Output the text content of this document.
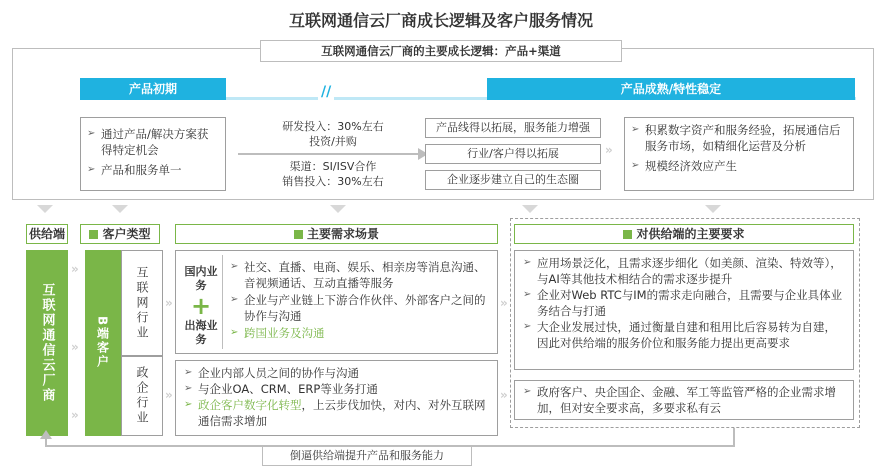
互联网通信云厂商成长逻辑及客户服务情况
互联网通信云厂商的主要成长逻辑：产品+渠道
产品初期	产品成熟/特性稳定
//
➢ 通过产品/解决方案获得特定机会
➢ 产品和服务单一
研发投入：30%左右
投资/并购
渠道：SI/ISV合作
销售投入：30%左右
产品线得以拓展，服务能力增强
行业/客户得以拓展
企业逐步建立自己的生态圈
»
➢ 积累数字资产和服务经验，拓展通信后服务市场，如精细化运营及分析
➢ 规模经济效应产生
供给端	客户类型	主要需求场景	对供给端的主要要求
互联网通信云厂商
»
»
»
B端客户
互联网行业
政企行业
»
»
国内业务
+
出海业务
➢ 社交、直播、电商、娱乐、相亲房等消息沟通、音视频通话、互动直播等服务
➢ 企业与产业链上下游合作伙伴、外部客户之间的协作与沟通
➢ 跨国业务及沟通
➢ 企业内部人员之间的协作与沟通
➢ 与企业OA、CRM、ERP等业务打通
➢ 政企客户数字化转型，上云步伐加快，对内、对外互联网通信需求增加
»
»
➢ 应用场景泛化，且需求逐步细化（如美颜、渲染、特效等），与AI等其他技术相结合的需求逐步提升
➢ 企业对Web RTC与IM的需求走向融合，且需要与企业具体业务结合与打通
➢ 大企业发展过快，通过衡量自建和租用比后容易转为自建，因此对供给端的服务价位和服务能力提出更高要求
➢ 政府客户、央企国企、金融、军工等监管严格的企业需求增加，但对安全要求高，多要求私有云
倒逼供给端提升产品和服务能力
